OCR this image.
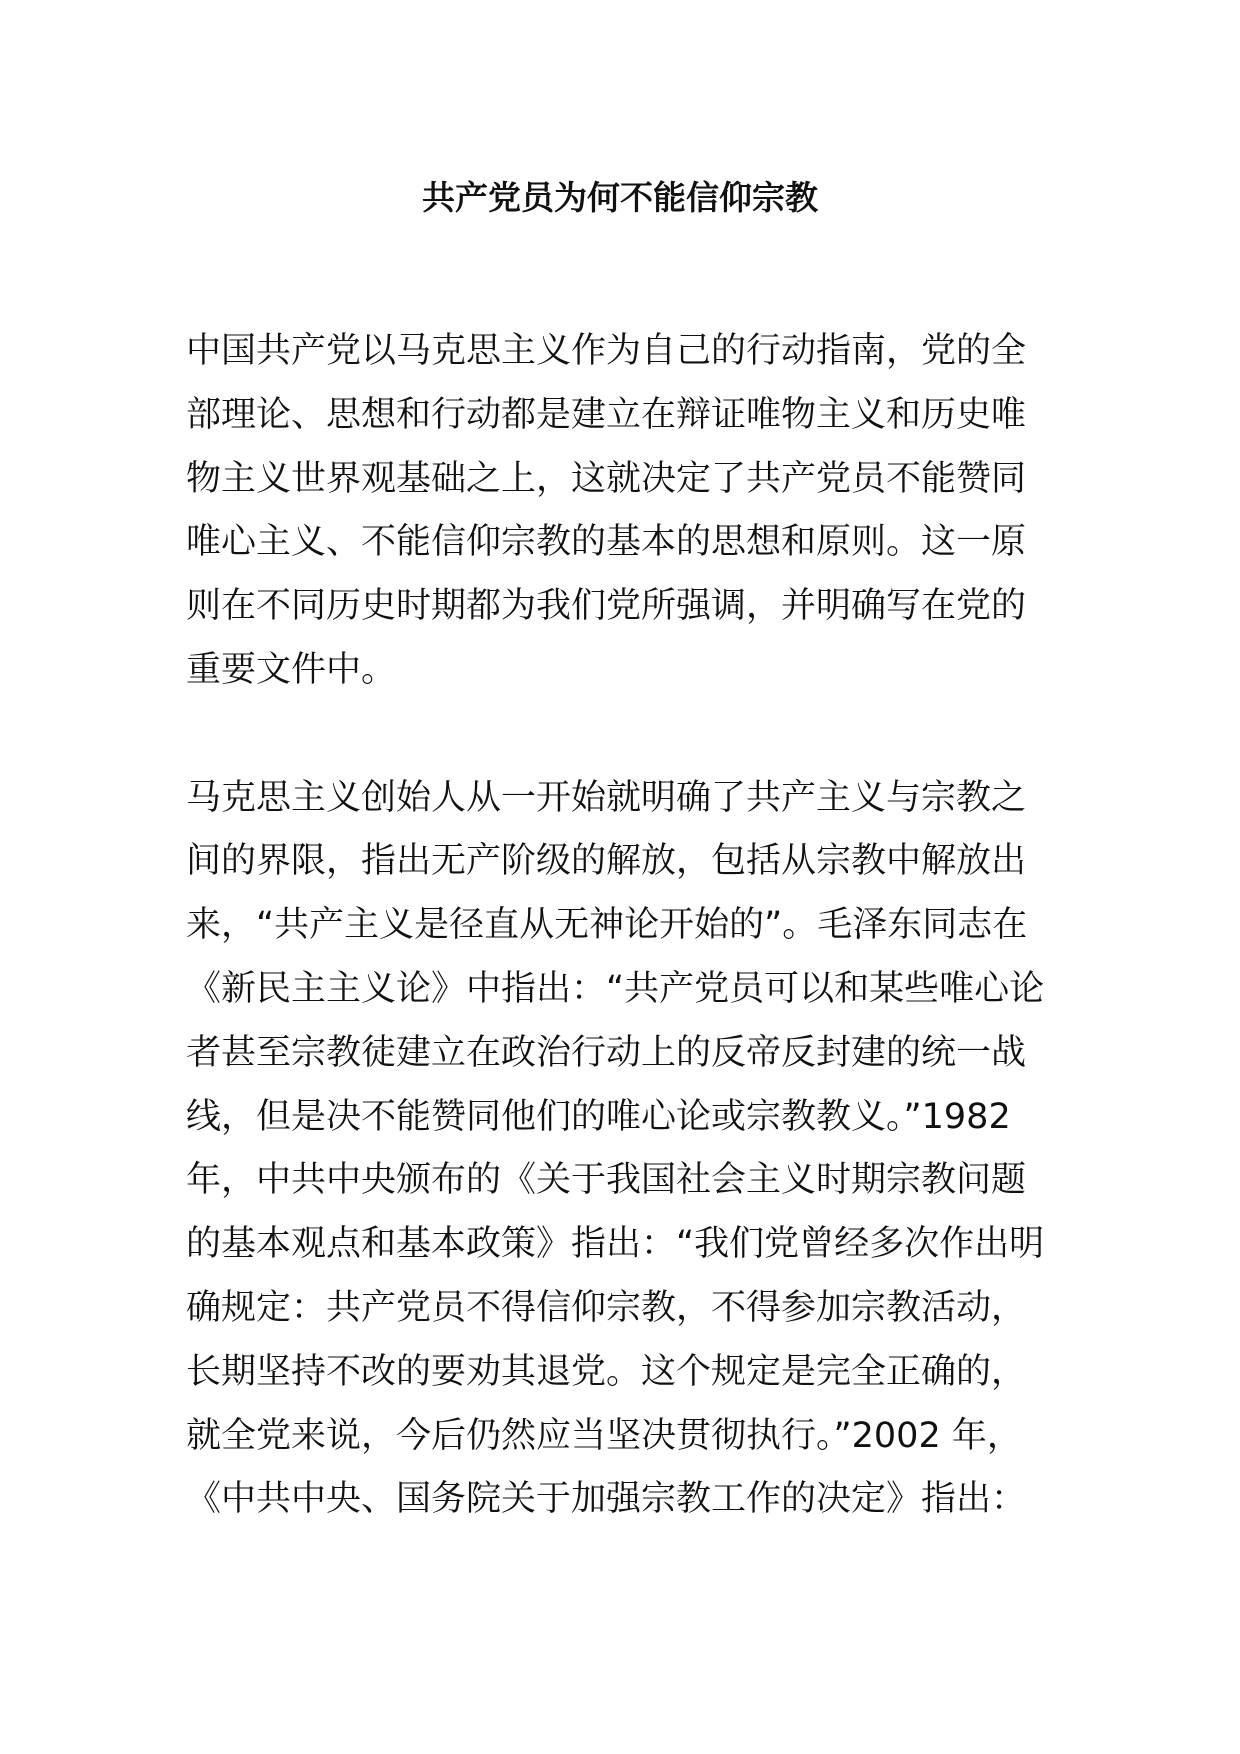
共产党员为何不能信仰宗教
中国共产党以马克思主义作为自己的行动指南，党的全
部理论、思想和行动都是建立在辩证唯物主义和历史唯
物主义世界观基础之上，这就决定了共产党员不能赞同
唯心主义、不能信仰宗教的基本的思想和原则。这一原
则在不同历史时期都为我们党所强调，并明确写在党的
重要文件中。
马克思主义创始人从一开始就明确了共产主义与宗教之
间的界限，指出无产阶级的解放，包括从宗教中解放出
来，“共产主义是径直从无神论开始的”。毛泽东同志在
《新民主主义论》中指出：“共产党员可以和某些唯心论
者甚至宗教徒建立在政治行动上的反帝反封建的统一战
线，但是决不能赞同他们的唯心论或宗教教义。”1982
年，中共中央颁布的《关于我国社会主义时期宗教问题
的基本观点和基本政策》指出：“我们党曾经多次作出明
确规定：共产党员不得信仰宗教，不得参加宗教活动，
长期坚持不改的要劝其退党。这个规定是完全正确的，
就全党来说，今后仍然应当坚决贯彻执行。”2002 年，
《中共中央、国务院关于加强宗教工作的决定》指出：
